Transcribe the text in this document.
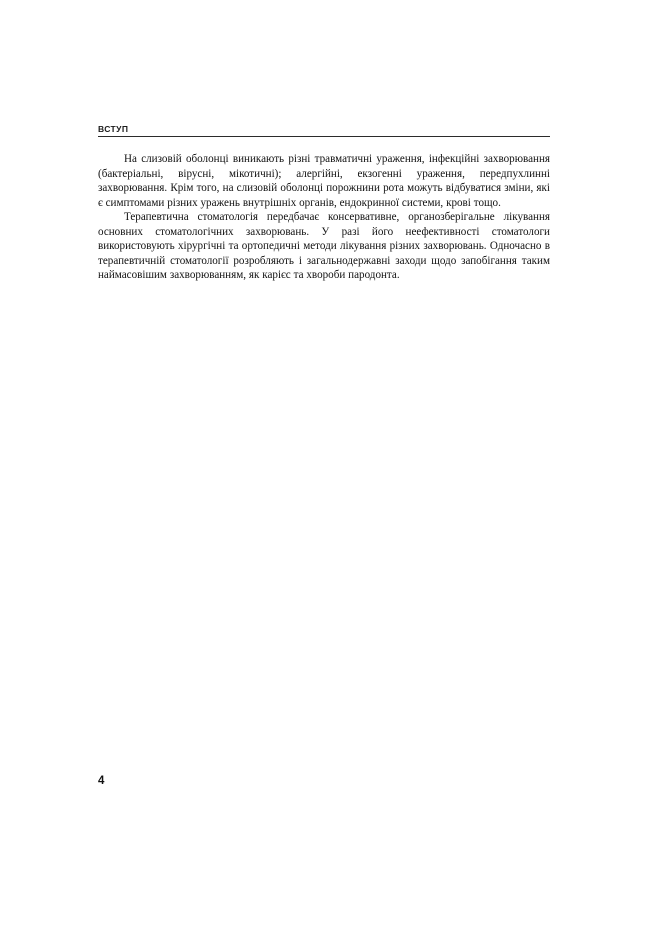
ВСТУП

На слизовій оболонці виникають різні травматичні ураження, інфекційні захворювання (бактеріальні, вірусні, мікотичні); алергійні, екзогенні ураження, передпухлинні захворювання. Крім того, на слизовій оболонці порожнини рота можуть відбуватися зміни, які є симптомами різних уражень внутрішніх органів, ендокринної системи, крові тощо.

Терапевтична стоматологія передбачає консервативне, органозберігальне лікування основних стоматологічних захворювань. У разі його неефективності стоматологи використовують хірургічні та ортопедичні методи лікування різних захворювань. Одночасно в терапевтичній стоматології розробляють і загальнодержавні заходи щодо запобігання таким наймасовішим захворюванням, як карієс та хвороби пародонта.

4
